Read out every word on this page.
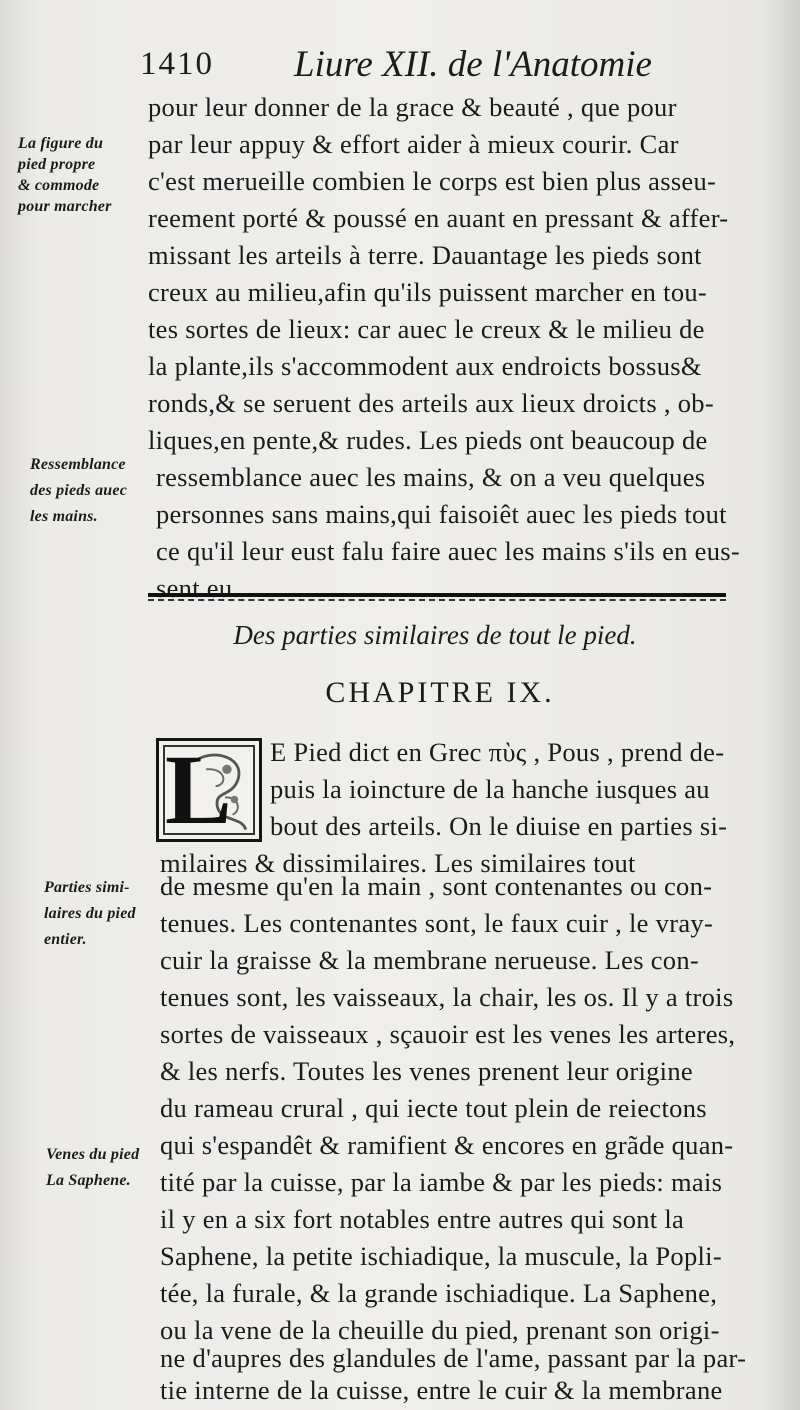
1410 Liure XII. de l'Anatomie
pour leur donner de la grace & beauté , que pour
par leur appuy & effort aider à mieux courir. Car
c'est merueille combien le corps est bien plus asseu-
reement porté & poussé en auant en pressant & affer-
missant les arteils à terre. Dauantage les pieds sont
creux au milieu,afin qu'ils puissent marcher en tou-
tes sortes de lieux: car auec le creux & le milieu de
la plante,ils s'accommodent aux endroicts bossus&
ronds,& se seruent des arteils aux lieux droicts , ob-
liques,en pente,& rudes. Les pieds ont beaucoup de
ressemblance auec les mains, & on a veu quelques
personnes sans mains,qui faisoiêt auec les pieds tout
ce qu'il leur eust falu faire auec les mains s'ils en eus-
sent eu.
La figure du
pied propre
& commode
pour marcher
Ressemblance
des pieds auec
les mains.
Parties simi-
laires du pied
entier.
Venes du pied
La Saphene.
Des parties similaires de tout le pied.
CHAPITRE IX.
L E Pied dict en Grec πὺς , Pous , prend de-
puis la ioincture de la hanche iusques au
bout des arteils. On le diuise en parties si-
milaires & dissimilaires. Les similaires tout
de mesme qu'en la main , sont contenantes ou con-
tenues. Les contenantes sont, le faux cuir , le vray-
cuir la graisse & la membrane nerueuse. Les con-
tenues sont, les vaisseaux, la chair, les os. Il y a trois
sortes de vaisseaux , sçauoir est les venes les arteres,
& les nerfs. Toutes les venes prenent leur origine
du rameau crural , qui iecte tout plein de reiectons
qui s'espandêt & ramifient & encores en grãde quan-
tité par la cuisse, par la iambe & par les pieds: mais
il y en a six fort notables entre autres qui sont la
Saphene, la petite ischiadique, la muscule, la Popli-
tée, la furale, & la grande ischiadique. La Saphene,
ou la vene de la cheuille du pied, prenant son origi-
ne d'aupres des glandules de l'ame, passant par la par-
tie interne de la cuisse, entre le cuir & la membrane
